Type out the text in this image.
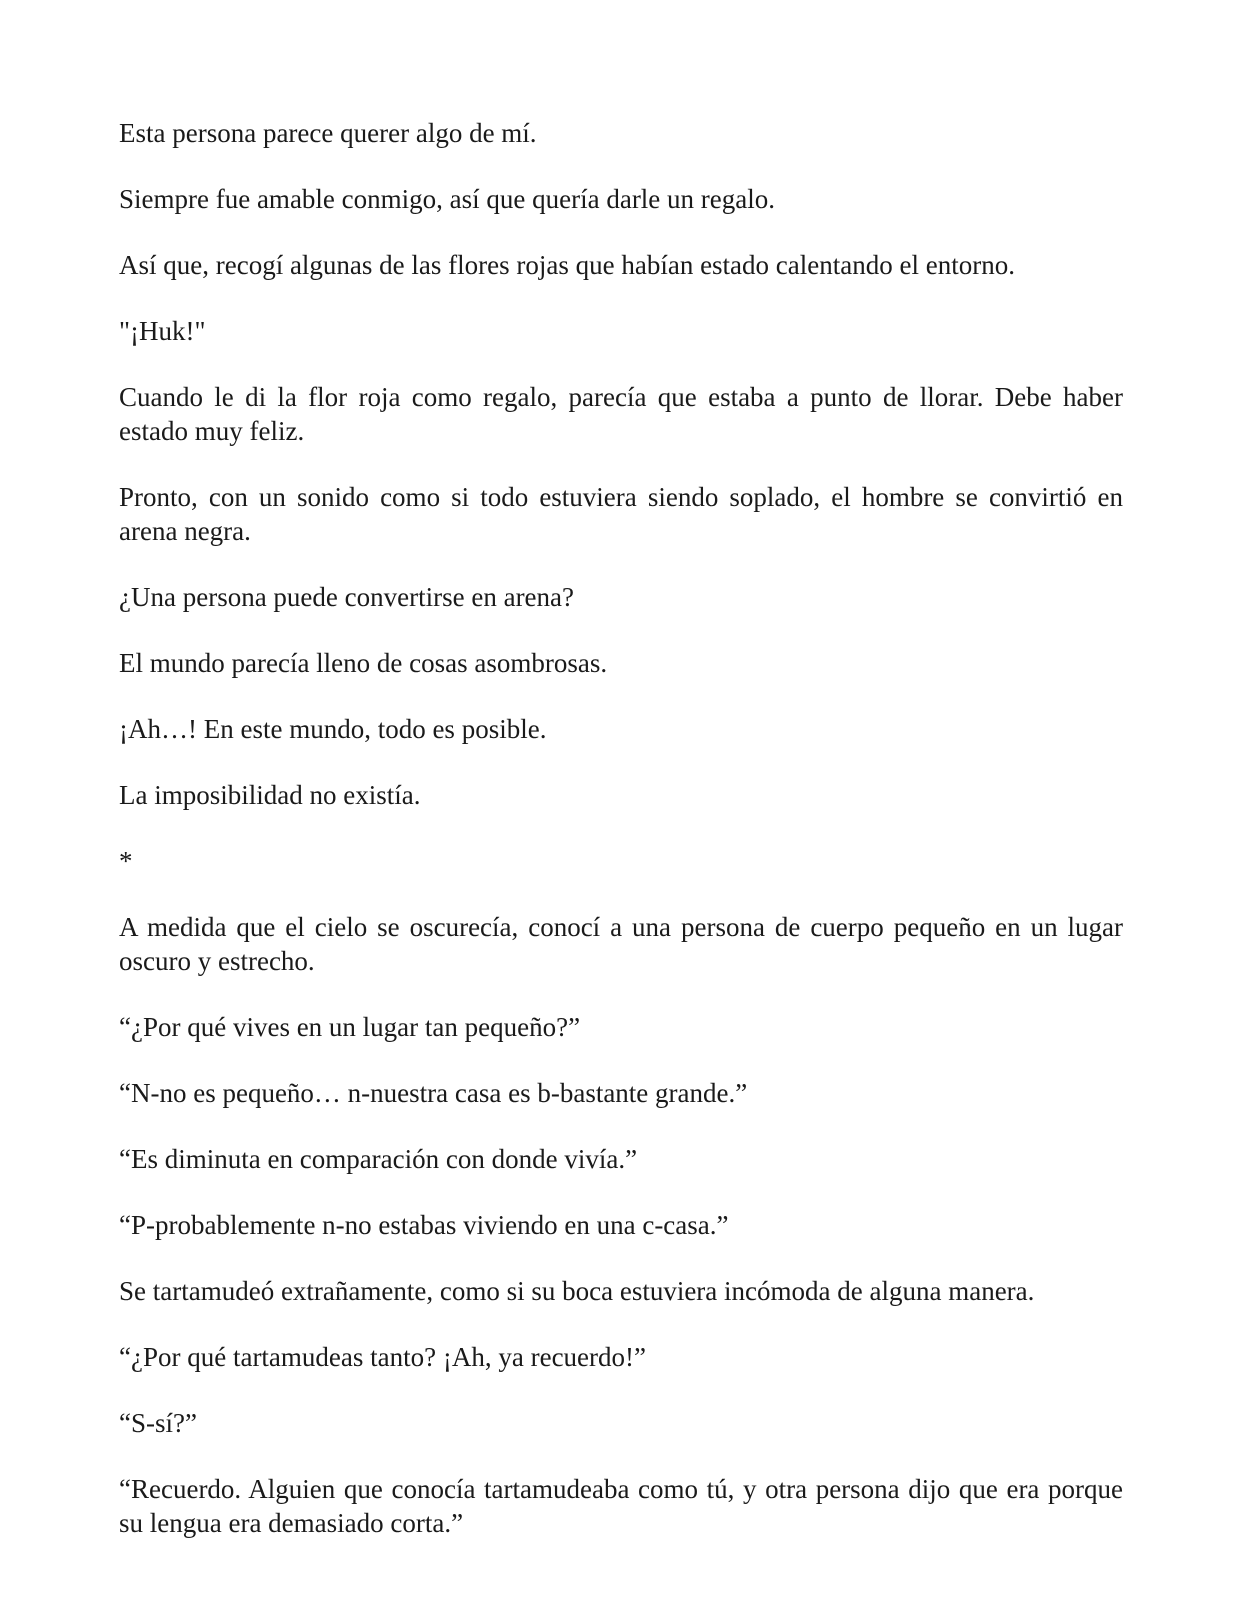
Esta persona parece querer algo de mí.

Siempre fue amable conmigo, así que quería darle un regalo.

Así que, recogí algunas de las flores rojas que habían estado calentando el entorno.

"¡Huk!"

Cuando le di la flor roja como regalo, parecía que estaba a punto de llorar. Debe haber estado muy feliz.

Pronto, con un sonido como si todo estuviera siendo soplado, el hombre se convirtió en arena negra.

¿Una persona puede convertirse en arena?

El mundo parecía lleno de cosas asombrosas.

¡Ah…! En este mundo, todo es posible.

La imposibilidad no existía.

*

A medida que el cielo se oscurecía, conocí a una persona de cuerpo pequeño en un lugar oscuro y estrecho.

“¿Por qué vives en un lugar tan pequeño?”

“N-no es pequeño… n-nuestra casa es b-bastante grande.”

“Es diminuta en comparación con donde vivía.”

“P-probablemente n-no estabas viviendo en una c-casa.”

Se tartamudeó extrañamente, como si su boca estuviera incómoda de alguna manera.

“¿Por qué tartamudeas tanto? ¡Ah, ya recuerdo!”

“S-sí?”

“Recuerdo. Alguien que conocía tartamudeaba como tú, y otra persona dijo que era porque su lengua era demasiado corta.”
